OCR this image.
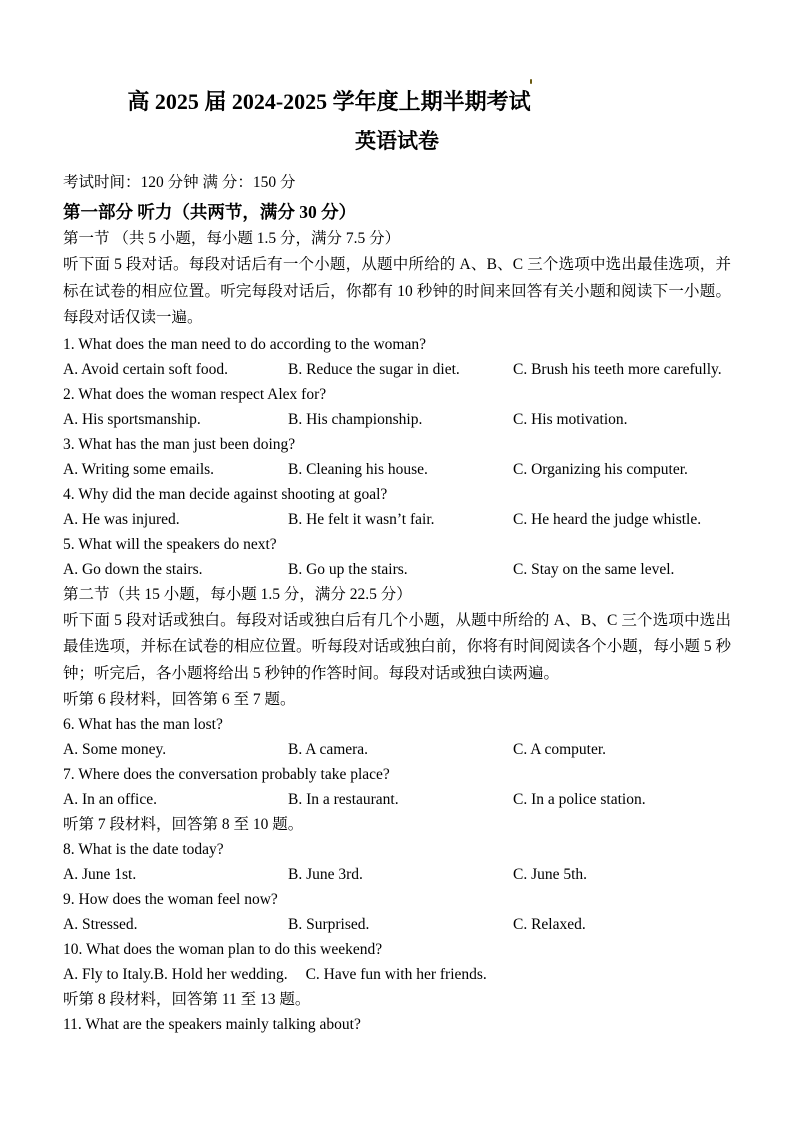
高 2025 届 2024-2025 学年度上期半期考试
英语试卷

考试时间：120 分钟 满 分：150 分

第一部分 听力（共两节，满分 30 分）

第一节 （共 5 小题，每小题 1.5 分，满分 7.5 分）

听下面 5 段对话。每段对话后有一个小题，从题中所给的 A、B、C 三个选项中选出最佳选项，并标在试卷的相应位置。听完每段对话后，你都有 10 秒钟的时间来回答有关小题和阅读下一小题。每段对话仅读一遍。

1. What does the man need to do according to the woman?

A. Avoid certain soft food.	B. Reduce the sugar in diet.	C. Brush his teeth more carefully.

2. What does the woman respect Alex for?

A. His sportsmanship.	B. His championship.	C. His motivation.

3. What has the man just been doing?

A. Writing some emails.	B. Cleaning his house.	C. Organizing his computer.

4. Why did the man decide against shooting at goal?

A. He was injured.	B. He felt it wasn’t fair.	C. He heard the judge whistle.

5. What will the speakers do next?

A. Go down the stairs.	B. Go up the stairs.	C. Stay on the same level.

第二节（共 15 小题，每小题 1.5 分，满分 22.5 分）

听下面 5 段对话或独白。每段对话或独白后有几个小题，从题中所给的 A、B、C 三个选项中选出最佳选项，并标在试卷的相应位置。听每段对话或独白前，你将有时间阅读各个小题，每小题 5 秒钟；听完后，各小题将给出 5 秒钟的作答时间。每段对话或独白读两遍。

听第 6 段材料，回答第 6 至 7 题。

6. What has the man lost?

A. Some money.	B. A camera.	C. A computer.

7. Where does the conversation probably take place?

A. In an office.	B. In a restaurant.	C. In a police station.

听第 7 段材料，回答第 8 至 10 题。

8. What is the date today?

A. June 1st.	B. June 3rd.	C. June 5th.

9. How does the woman feel now?

A. Stressed.	B. Surprised.	C. Relaxed.

10. What does the woman plan to do this weekend?

A. Fly to Italy.B. Hold her wedding. C. Have fun with her friends.

听第 8 段材料，回答第 11 至 13 题。

11. What are the speakers mainly talking about?
